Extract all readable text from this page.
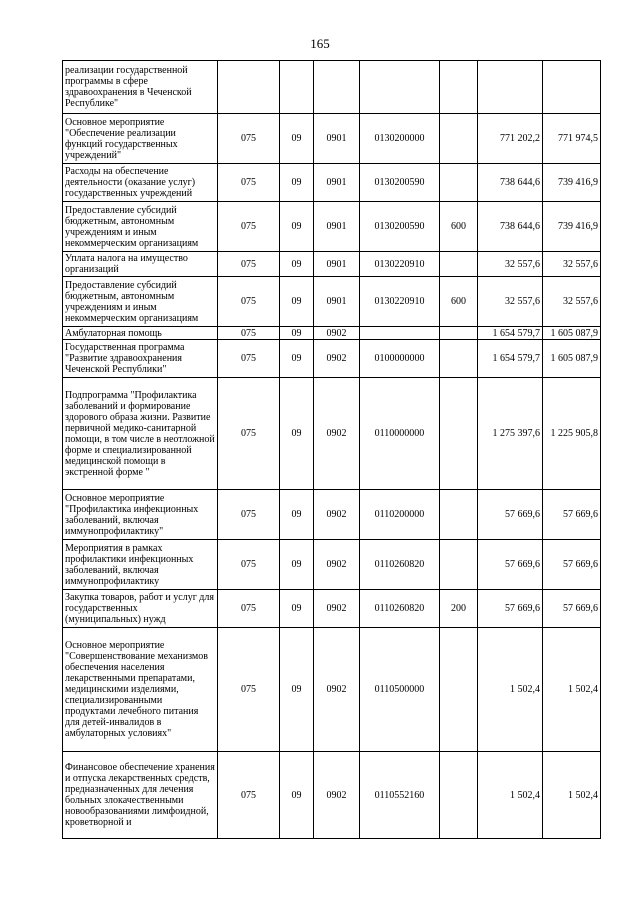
165
реализации государственной программы в сфере здравоохранения в Чеченской Республике"							
Основное мероприятие "Обеспечение реализации функций государственных учреждений"	075	09	0901	0130200000		771 202,2	771 974,5
Расходы на обеспечение деятельности (оказание услуг) государственных учреждений	075	09	0901	0130200590		738 644,6	739 416,9
Предоставление субсидий бюджетным, автономным учреждениям и иным некоммерческим организациям	075	09	0901	0130200590	600	738 644,6	739 416,9
Уплата налога на имущество организаций	075	09	0901	0130220910		32 557,6	32 557,6
Предоставление субсидий бюджетным, автономным учреждениям и иным некоммерческим организациям	075	09	0901	0130220910	600	32 557,6	32 557,6
Амбулаторная помощь	075	09	0902			1 654 579,7	1 605 087,9
Государственная программа "Развитие здравоохранения Чеченской Республики"	075	09	0902	0100000000		1 654 579,7	1 605 087,9
Подпрограмма "Профилактика заболеваний и формирование здорового образа жизни. Развитие первичной медико-санитарной помощи, в том числе в неотложной форме и специализированной медицинской помощи в экстренной форме "	075	09	0902	0110000000		1 275 397,6	1 225 905,8
Основное мероприятие "Профилактика инфекционных заболеваний, включая иммунопрофилактику"	075	09	0902	0110200000		57 669,6	57 669,6
Мероприятия в рамках профилактики инфекционных заболеваний, включая иммунопрофилактику	075	09	0902	0110260820		57 669,6	57 669,6
Закупка товаров, работ и услуг для государственных (муниципальных) нужд	075	09	0902	0110260820	200	57 669,6	57 669,6
Основное мероприятие "Совершенствование механизмов обеспечения населения лекарственными препаратами, медицинскими изделиями, специализированными продуктами лечебного питания для детей-инвалидов в амбулаторных условиях"	075	09	0902	0110500000		1 502,4	1 502,4
Финансовое обеспечение хранения и отпуска лекарственных средств, предназначенных для лечения больных злокачественными новообразованиями лимфоидной, кроветворной и	075	09	0902	0110552160		1 502,4	1 502,4
